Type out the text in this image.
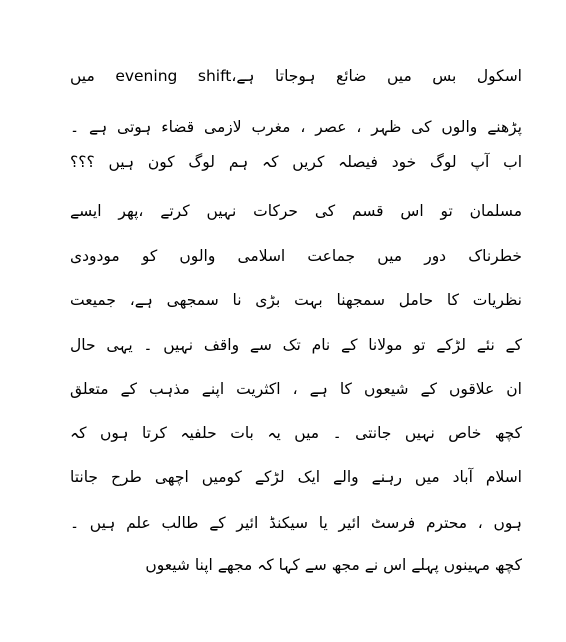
اسکول بس میں ضائع ہوجاتا ہے،evening shift میں
پڑھنے والوں کی ظہر ، عصر ، مغرب لازمی قضاء ہوتی ہے ۔
اب آپ لوگ خود فیصلہ کریں کہ ہم لوگ کون ہیں ؟؟؟
مسلمان تو اس قسم کی حرکات نہیں کرتے ،پھر ایسے
خطرناک دور میں جماعت اسلامی والوں کو مودودی
نظریات کا حامل سمجھنا بہت بڑی نا سمجھی ہے، جمیعت
کے نئے لڑکے تو مولانا کے نام تک سے واقف نہیں ۔ یہی حال
ان علاقوں کے شیعوں کا ہے ، اکثریت اپنے مذہب کے متعلق
کچھ خاص نہیں جانتی ۔ میں یہ بات حلفیہ کرتا ہوں کہ
اسلام آباد میں رہنے والے ایک لڑکے کومیں اچھی طرح جانتا
ہوں ، محترم فرسٹ ائیر یا سیکنڈ ائیر کے طالب علم ہیں ۔
کچھ مہینوں پہلے اس نے مجھ سے کہا کہ مجھے اپنا شیعوں
